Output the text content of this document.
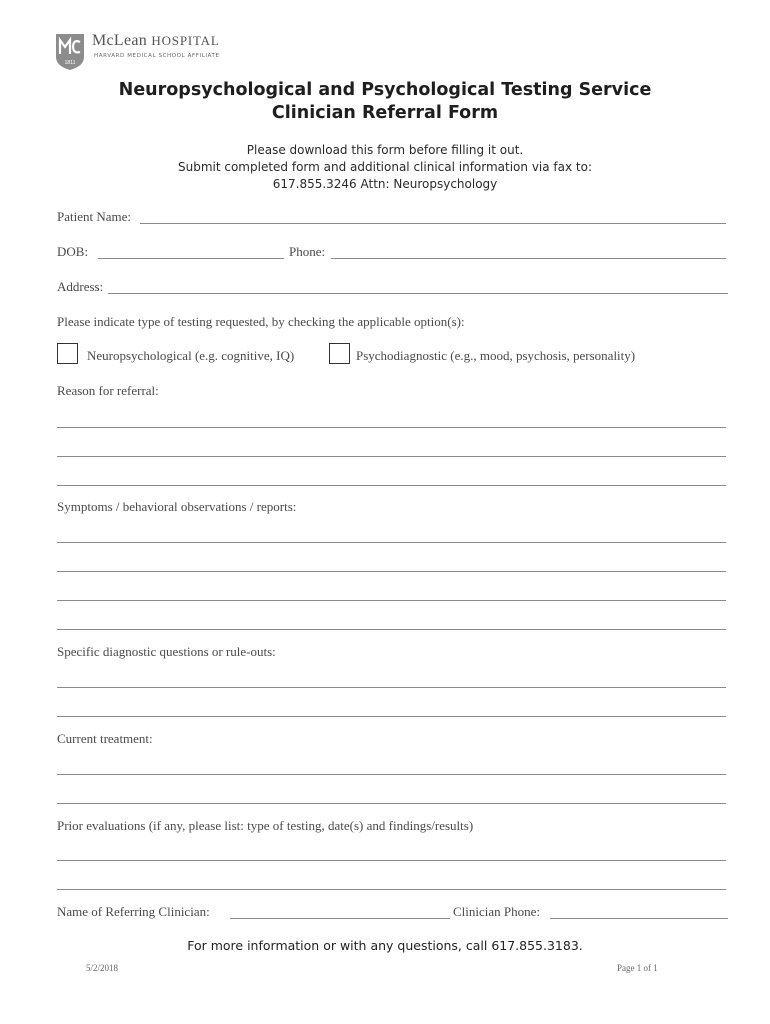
1811
McLean HOSPITAL
HARVARD MEDICAL SCHOOL AFFILIATE
Neuropsychological and Psychological Testing Service
Clinician Referral Form
Please download this form before filling it out.
Submit completed form and additional clinical information via fax to:
617.855.3246 Attn: Neuropsychology
Patient Name:
DOB:	Phone:
Address:
Please indicate type of testing requested, by checking the applicable option(s):
Neuropsychological (e.g. cognitive, IQ)	Psychodiagnostic (e.g., mood, psychosis, personality)
Reason for referral:
Symptoms / behavioral observations / reports:
Specific diagnostic questions or rule-outs:
Current treatment:
Prior evaluations (if any, please list: type of testing, date(s) and findings/results)
Name of Referring Clinician:	Clinician Phone:
For more information or with any questions, call 617.855.3183.
5/2/2018	Page 1 of 1
